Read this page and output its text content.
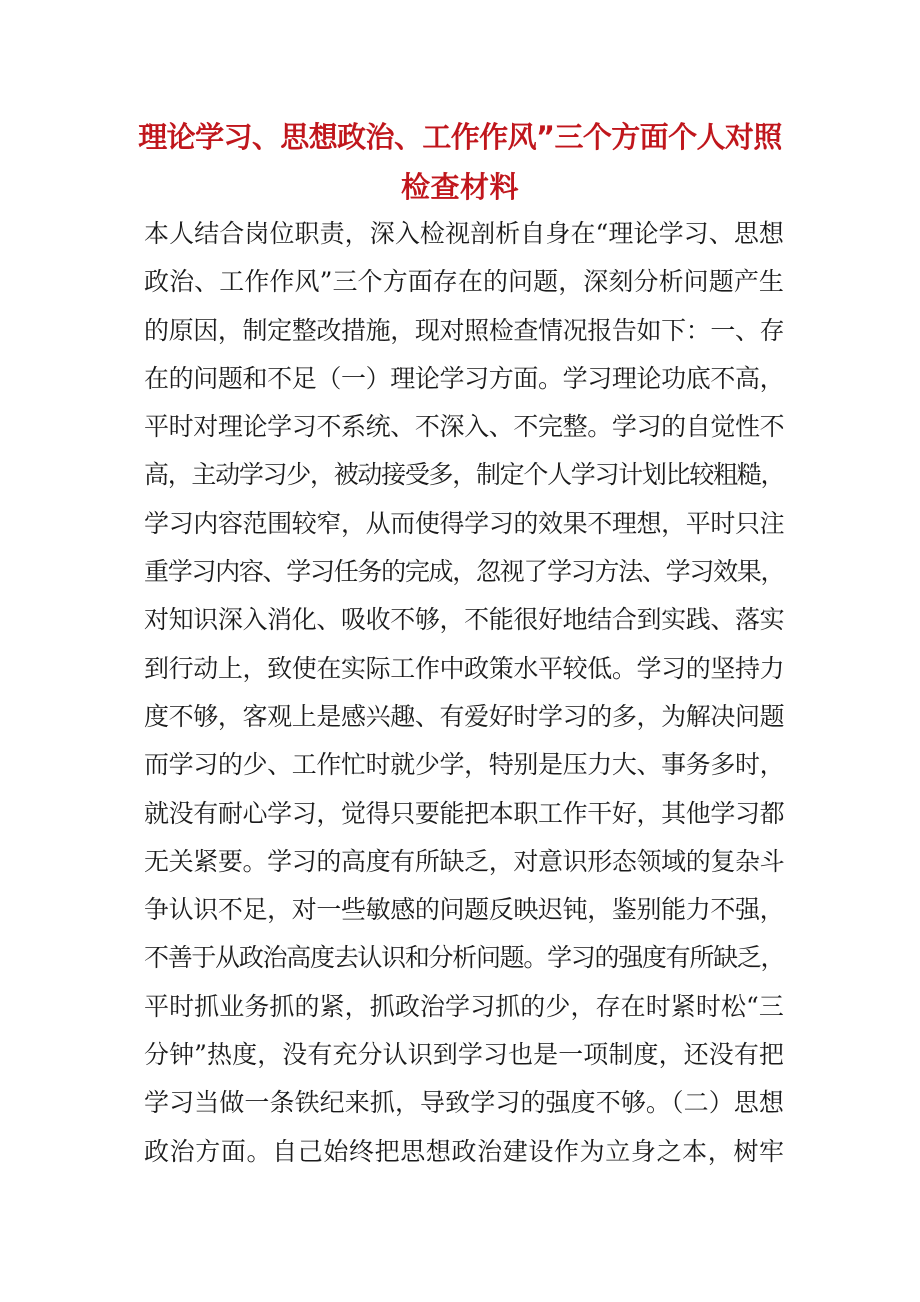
理论学习、思想政治、工作作风”三个方面个人对照
检查材料
本人结合岗位职责，深入检视剖析自身在“理论学习、思想
政治、工作作风”三个方面存在的问题，深刻分析问题产生
的原因，制定整改措施，现对照检查情况报告如下：一、存
在的问题和不足（一）理论学习方面。学习理论功底不高，
平时对理论学习不系统、不深入、不完整。学习的自觉性不
高，主动学习少，被动接受多，制定个人学习计划比较粗糙，
学习内容范围较窄，从而使得学习的效果不理想，平时只注
重学习内容、学习任务的完成，忽视了学习方法、学习效果，
对知识深入消化、吸收不够，不能很好地结合到实践、落实
到行动上，致使在实际工作中政策水平较低。学习的坚持力
度不够，客观上是感兴趣、有爱好时学习的多，为解决问题
而学习的少、工作忙时就少学，特别是压力大、事务多时，
就没有耐心学习，觉得只要能把本职工作干好，其他学习都
无关紧要。学习的高度有所缺乏，对意识形态领域的复杂斗
争认识不足，对一些敏感的问题反映迟钝，鉴别能力不强，
不善于从政治高度去认识和分析问题。学习的强度有所缺乏，
平时抓业务抓的紧，抓政治学习抓的少，存在时紧时松“三
分钟”热度，没有充分认识到学习也是一项制度，还没有把
学习当做一条铁纪来抓，导致学习的强度不够。（二）思想
政治方面。自己始终把思想政治建设作为立身之本，树牢
